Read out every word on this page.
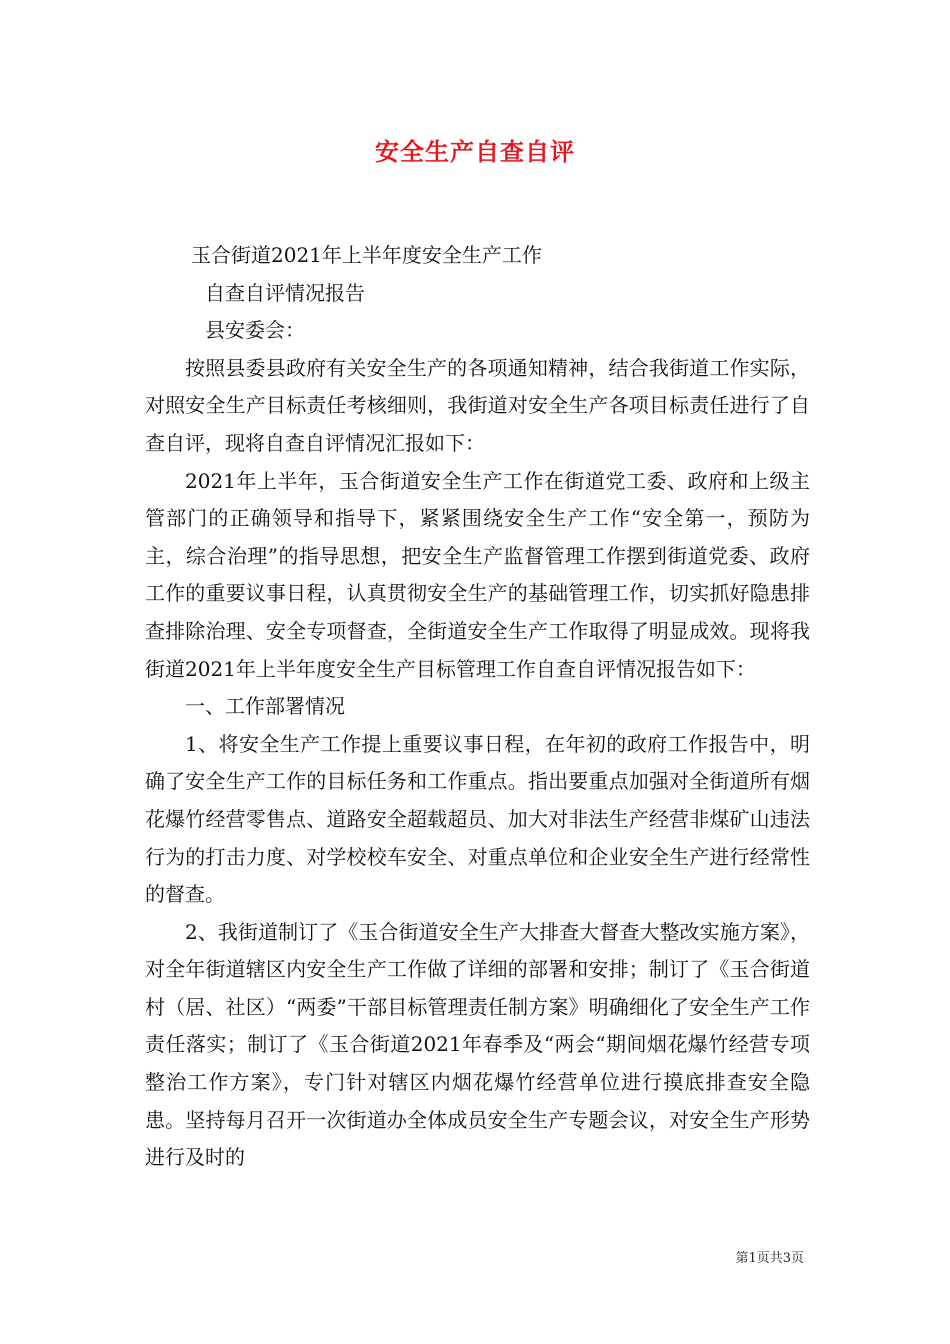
安全生产自查自评

玉合街道2021年上半年度安全生产工作

自查自评情况报告

县安委会：

按照县委县政府有关安全生产的各项通知精神，结合我街道工作实际，对照安全生产目标责任考核细则，我街道对安全生产各项目标责任进行了自查自评，现将自查自评情况汇报如下：

2021年上半年，玉合街道安全生产工作在街道党工委、政府和上级主管部门的正确领导和指导下，紧紧围绕安全生产工作“安全第一，预防为主，综合治理”的指导思想，把安全生产监督管理工作摆到街道党委、政府工作的重要议事日程，认真贯彻安全生产的基础管理工作，切实抓好隐患排查排除治理、安全专项督查，全街道安全生产工作取得了明显成效。现将我街道2021年上半年度安全生产目标管理工作自查自评情况报告如下：

一、工作部署情况

1、将安全生产工作提上重要议事日程，在年初的政府工作报告中，明确了安全生产工作的目标任务和工作重点。指出要重点加强对全街道所有烟花爆竹经营零售点、道路安全超载超员、加大对非法生产经营非煤矿山违法行为的打击力度、对学校校车安全、对重点单位和企业安全生产进行经常性的督查。

2、我街道制订了《玉合街道安全生产大排查大督查大整改实施方案》，对全年街道辖区内安全生产工作做了详细的部署和安排；制订了《玉合街道村（居、社区）“两委”干部目标管理责任制方案》明确细化了安全生产工作责任落实；制订了《玉合街道2021年春季及“两会“期间烟花爆竹经营专项整治工作方案》，专门针对辖区内烟花爆竹经营单位进行摸底排查安全隐患。坚持每月召开一次街道办全体成员安全生产专题会议，对安全生产形势进行及时的

第1页共3页
